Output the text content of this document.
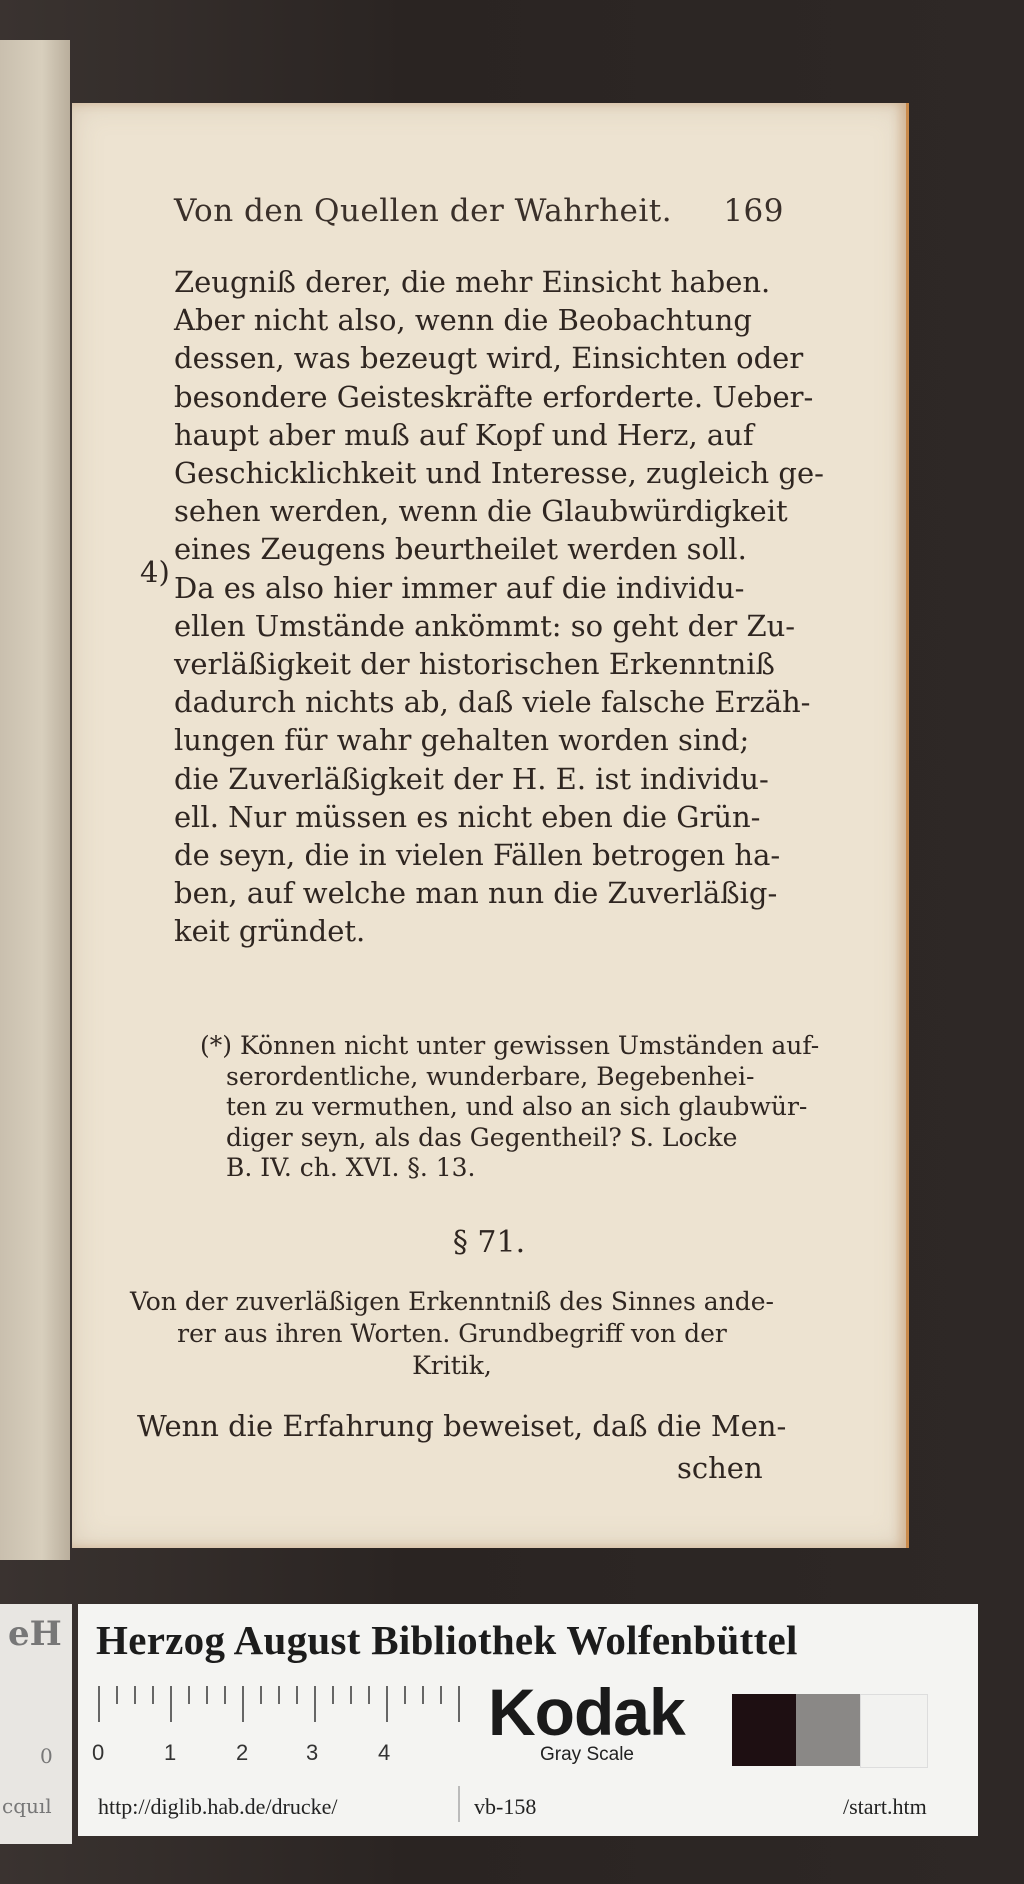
Von den Quellen der Wahrheit. 169
Zeugniß derer, die mehr Einsicht haben.
Aber nicht also, wenn die Beobachtung
dessen, was bezeugt wird, Einsichten oder
besondere Geisteskräfte erforderte. Ueber-
haupt aber muß auf Kopf und Herz, auf
Geschicklichkeit und Interesse, zugleich ge-
sehen werden, wenn die Glaubwürdigkeit
eines Zeugens beurtheilet werden soll.
Da es also hier immer auf die individu-
ellen Umstände ankömmt: so geht der Zu-
verläßigkeit der historischen Erkenntniß
dadurch nichts ab, daß viele falsche Erzäh-
lungen für wahr gehalten worden sind;
die Zuverläßigkeit der H. E. ist individu-
ell. Nur müssen es nicht eben die Grün-
de seyn, die in vielen Fällen betrogen ha-
ben, auf welche man nun die Zuverläßig-
keit gründet.
4)
(*) Können nicht unter gewissen Umständen auf-
serordentliche, wunderbare, Begebenhei-
ten zu vermuthen, und also an sich glaubwür-
diger seyn, als das Gegentheil? S. Locke
B. IV. ch. XVI. §. 13.
§ 71.
Von der zuverläßigen Erkenntniß des Sinnes ande-
rer aus ihren Worten. Grundbegriff von der
Kritik,
Wenn die Erfahrung beweiset, daß die Men-
schen
eH
0
cquıl
Herzog August Bibliothek Wolfenbüttel
0	1	2	3	4
Kodak
Gray Scale
http://diglib.hab.de/drucke/	vb-158	/start.htm
